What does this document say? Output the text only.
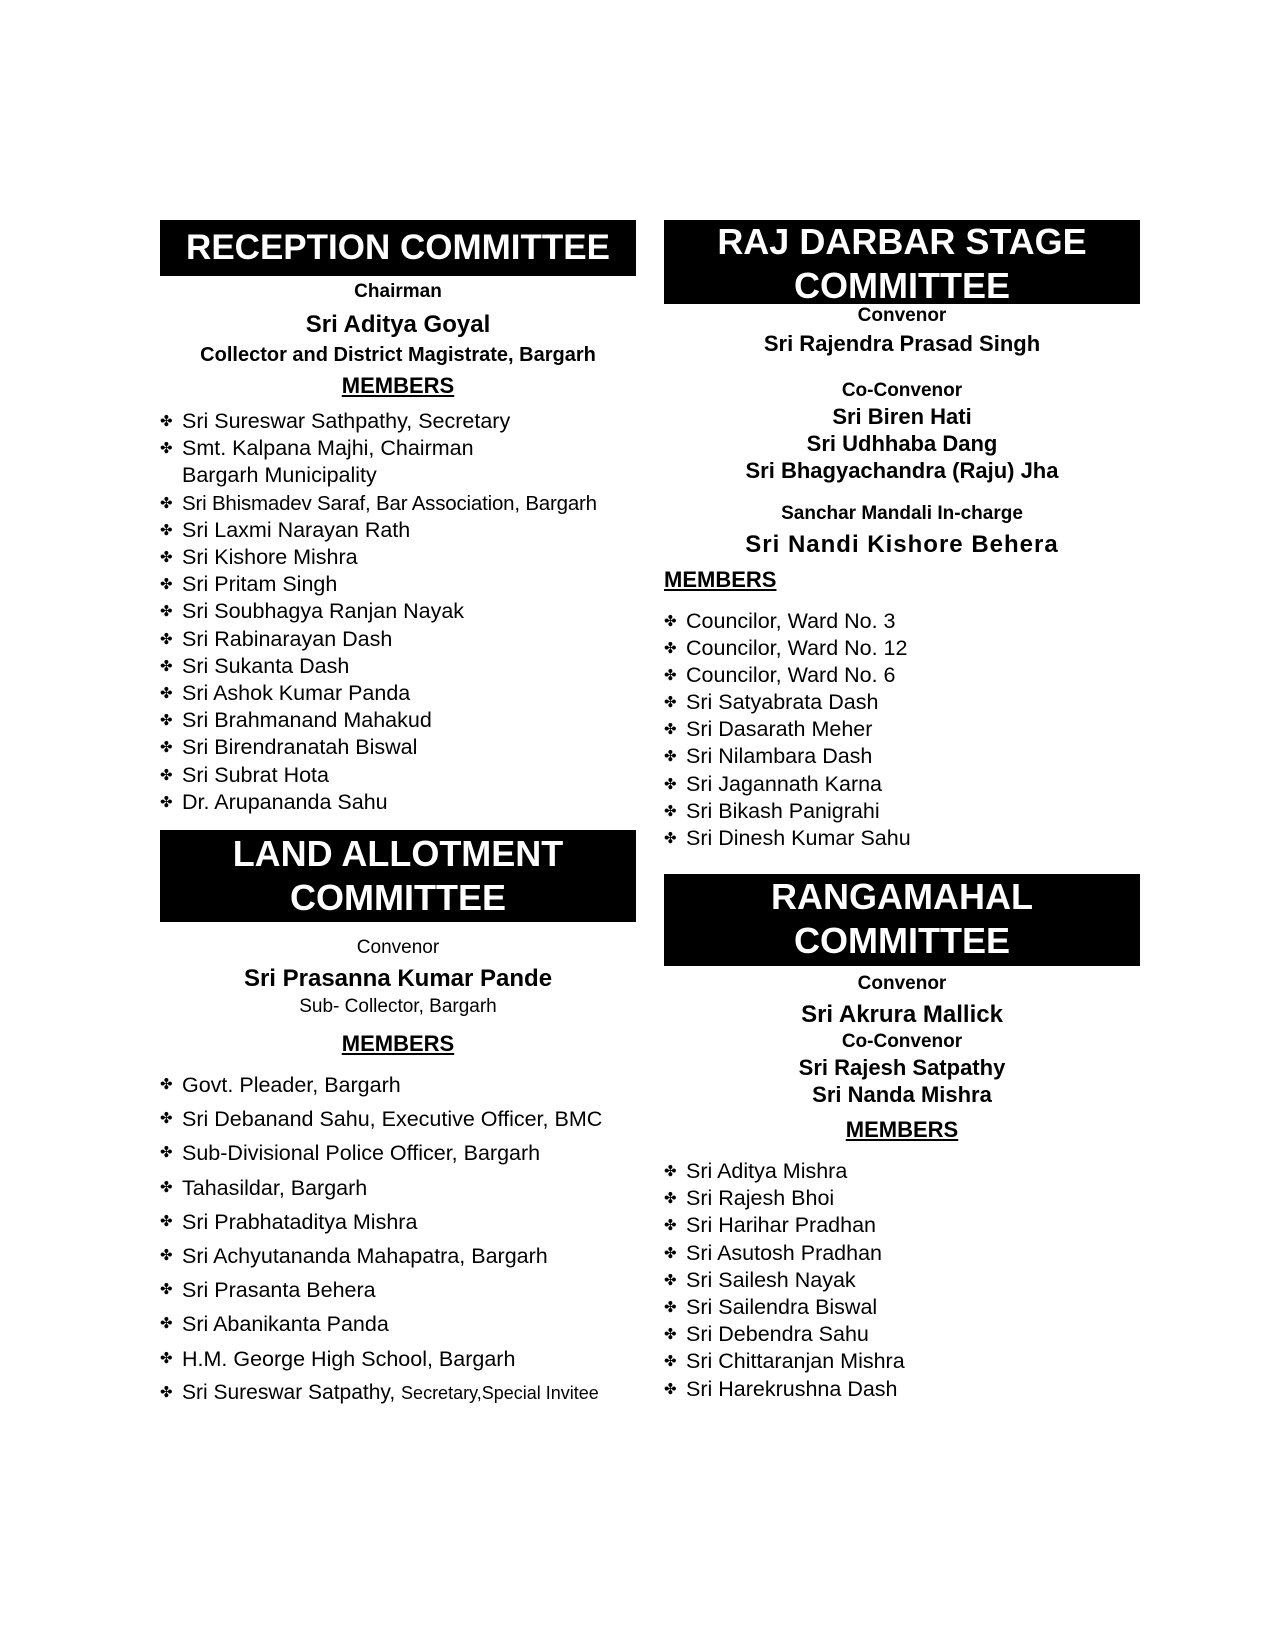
RECEPTION COMMITTEE
Chairman
Sri Aditya Goyal
Collector and District Magistrate, Bargarh
MEMBERS
✤ Sri Sureswar Sathpathy, Secretary
✤ Smt. Kalpana Majhi, Chairman
Bargarh Municipality
✤ Sri Bhismadev Saraf, Bar Association, Bargarh
✤ Sri Laxmi Narayan Rath
✤ Sri Kishore Mishra
✤ Sri Pritam Singh
✤ Sri Soubhagya Ranjan Nayak
✤ Sri Rabinarayan Dash
✤ Sri Sukanta Dash
✤ Sri Ashok Kumar Panda
✤ Sri Brahmanand Mahakud
✤ Sri Birendranatah Biswal
✤ Sri Subrat Hota
✤ Dr. Arupananda Sahu
LAND ALLOTMENT
COMMITTEE
Convenor
Sri Prasanna Kumar Pande
Sub- Collector, Bargarh
MEMBERS
✤ Govt. Pleader, Bargarh
✤ Sri Debanand Sahu, Executive Officer, BMC
✤ Sub-Divisional Police Officer, Bargarh
✤ Tahasildar, Bargarh
✤ Sri Prabhataditya Mishra
✤ Sri Achyutananda Mahapatra, Bargarh
✤ Sri Prasanta Behera
✤ Sri Abanikanta Panda
✤ H.M. George High School, Bargarh
✤ Sri Sureswar Satpathy, Secretary,Special Invitee
RAJ DARBAR STAGE
COMMITTEE
Convenor
Sri Rajendra Prasad Singh
Co-Convenor
Sri Biren Hati
Sri Udhhaba Dang
Sri Bhagyachandra (Raju) Jha
Sanchar Mandali In-charge
Sri Nandi Kishore Behera
MEMBERS
✤ Councilor, Ward No. 3
✤ Councilor, Ward No. 12
✤ Councilor, Ward No. 6
✤ Sri Satyabrata Dash
✤ Sri Dasarath Meher
✤ Sri Nilambara Dash
✤ Sri Jagannath Karna
✤ Sri Bikash Panigrahi
✤ Sri Dinesh Kumar Sahu
RANGAMAHAL
COMMITTEE
Convenor
Sri Akrura Mallick
Co-Convenor
Sri Rajesh Satpathy
Sri Nanda Mishra
MEMBERS
✤ Sri Aditya Mishra
✤ Sri Rajesh Bhoi
✤ Sri Harihar Pradhan
✤ Sri Asutosh Pradhan
✤ Sri Sailesh Nayak
✤ Sri Sailendra Biswal
✤ Sri Debendra Sahu
✤ Sri Chittaranjan Mishra
✤ Sri Harekrushna Dash
